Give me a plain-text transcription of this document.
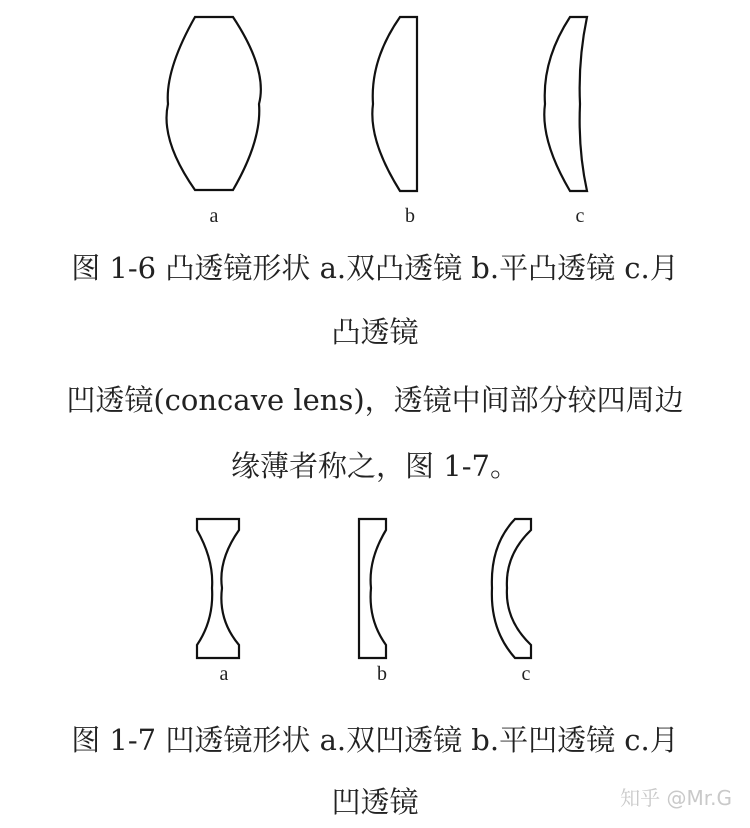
a	b	c
图 1-6 凸透镜形状 a.双凸透镜 b.平凸透镜 c.月
凸透镜
凹透镜(concave lens)，透镜中间部分较四周边
缘薄者称之，图 1-7。
a	b	c
图 1-7 凹透镜形状 a.双凹透镜 b.平凹透镜 c.月
凹透镜	知乎 @Mr.G
